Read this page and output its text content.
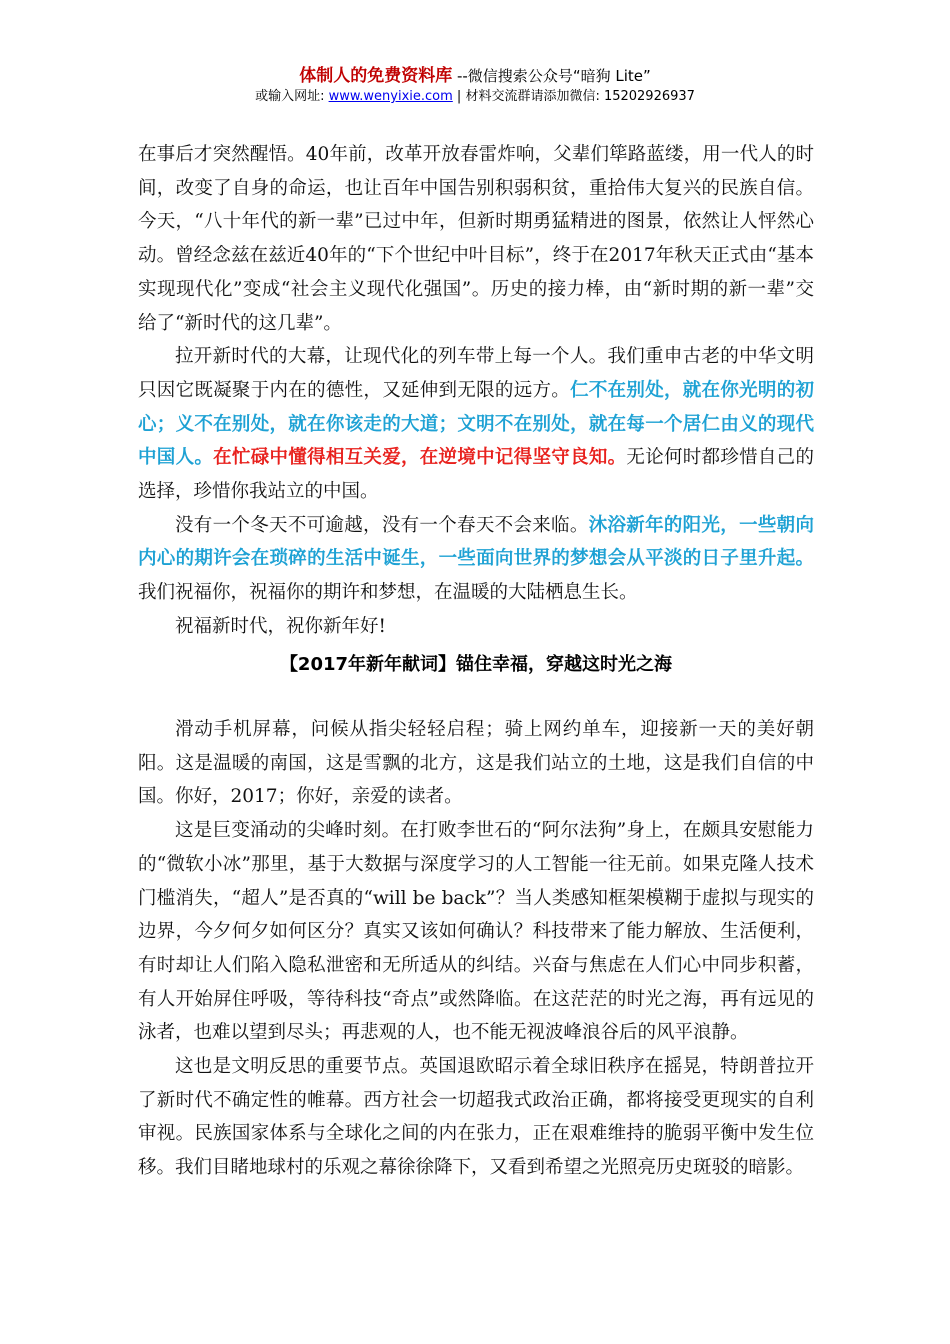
体制人的免费资料库 --微信搜索公众号“暗狗 Lite”
或输入网址: www.wenyixie.com | 材料交流群请添加微信: 15202926937

在事后才突然醒悟。40年前，改革开放春雷炸响，父辈们筚路蓝缕，用一代人的时间，改变了自身的命运，也让百年中国告别积弱积贫，重拾伟大复兴的民族自信。今天，“八十年代的新一辈”已过中年，但新时期勇猛精进的图景，依然让人怦然心动。曾经念兹在兹近40年的“下个世纪中叶目标”，终于在2017年秋天正式由“基本实现现代化”变成“社会主义现代化强国”。历史的接力棒，由“新时期的新一辈”交给了“新时代的这几辈”。

拉开新时代的大幕，让现代化的列车带上每一个人。我们重申古老的中华文明只因它既凝聚于内在的德性，又延伸到无限的远方。仁不在别处，就在你光明的初心；义不在别处，就在你该走的大道；文明不在别处，就在每一个居仁由义的现代中国人。在忙碌中懂得相互关爱，在逆境中记得坚守良知。无论何时都珍惜自己的选择，珍惜你我站立的中国。

没有一个冬天不可逾越，没有一个春天不会来临。沐浴新年的阳光，一些朝向内心的期许会在琐碎的生活中诞生，一些面向世界的梦想会从平淡的日子里升起。我们祝福你，祝福你的期许和梦想，在温暖的大陆栖息生长。

祝福新时代，祝你新年好!

【2017年新年献词】锚住幸福，穿越这时光之海

滑动手机屏幕，问候从指尖轻轻启程；骑上网约单车，迎接新一天的美好朝阳。这是温暖的南国，这是雪飘的北方，这是我们站立的土地，这是我们自信的中国。你好，2017；你好，亲爱的读者。

这是巨变涌动的尖峰时刻。在打败李世石的“阿尔法狗”身上，在颇具安慰能力的“微软小冰”那里，基于大数据与深度学习的人工智能一往无前。如果克隆人技术门槛消失，“超人”是否真的“will be back”？当人类感知框架模糊于虚拟与现实的边界，今夕何夕如何区分？真实又该如何确认？科技带来了能力解放、生活便利，有时却让人们陷入隐私泄密和无所适从的纠结。兴奋与焦虑在人们心中同步积蓄，有人开始屏住呼吸，等待科技“奇点”或然降临。在这茫茫的时光之海，再有远见的泳者，也难以望到尽头；再悲观的人，也不能无视波峰浪谷后的风平浪静。

这也是文明反思的重要节点。英国退欧昭示着全球旧秩序在摇晃，特朗普拉开了新时代不确定性的帷幕。西方社会一切超我式政治正确，都将接受更现实的自利审视。民族国家体系与全球化之间的内在张力，正在艰难维持的脆弱平衡中发生位移。我们目睹地球村的乐观之幕徐徐降下，又看到希望之光照亮历史斑驳的暗影。
